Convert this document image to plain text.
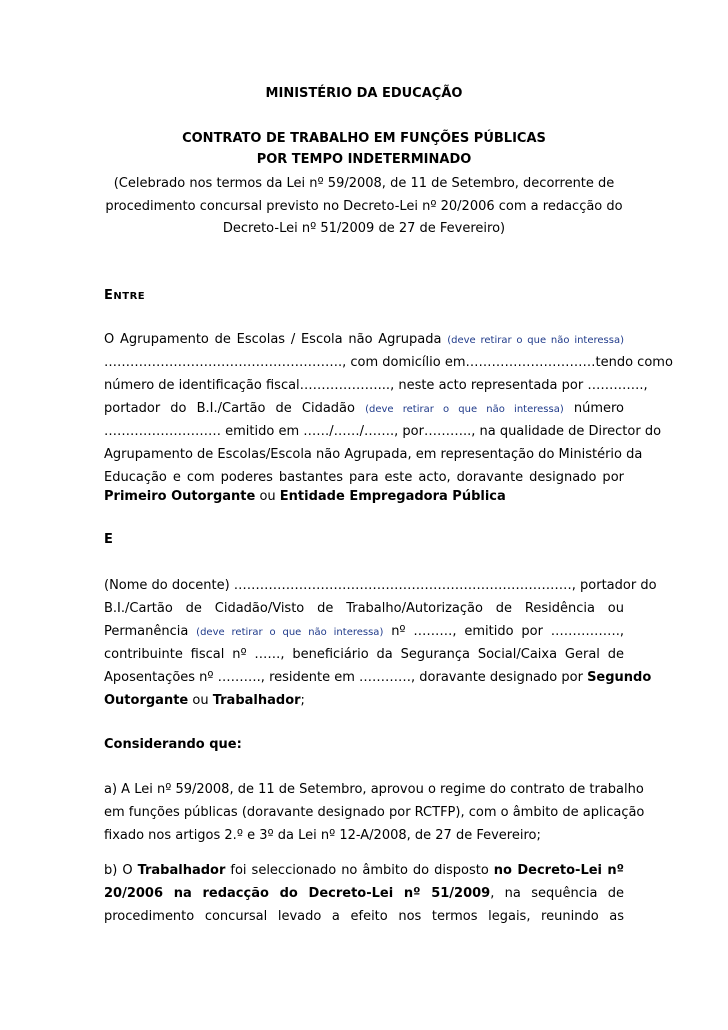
MINISTÉRIO DA EDUCAÇÃO
CONTRATO DE TRABALHO EM FUNÇÕES PÚBLICAS
POR TEMPO INDETERMINADO
(Celebrado nos termos da Lei nº 59/2008, de 11 de Setembro, decorrente de
procedimento concursal previsto no Decreto-Lei nº 20/2006 com a redacção do
Decreto-Lei nº 51/2009 de 27 de Fevereiro)
ENTRE
O Agrupamento de Escolas / Escola não Agrupada (deve retirar o que não interessa)
………………………………………………., com domicílio em…………………………tendo como
número de identificação fiscal………………..., neste acto representada por ………….,
portador do B.I./Cartão de Cidadão (deve retirar o que não interessa) número
……………………… emitido em ……/……/……., por……….., na qualidade de Director do
Agrupamento de Escolas/Escola não Agrupada, em representação do Ministério da
Educação e com poderes bastantes para este acto, doravante designado por
Primeiro Outorgante ou Entidade Empregadora Pública
E
(Nome do docente) ……………………………………………………………………, portador do
B.I./Cartão de Cidadão/Visto de Trabalho/Autorização de Residência ou
Permanência (deve retirar o que não interessa) nº ………, emitido por …………….,
contribuinte fiscal nº ……, beneficiário da Segurança Social/Caixa Geral de
Aposentações nº ………., residente em …………, doravante designado por Segundo
Outorgante ou Trabalhador;
Considerando que:
a) A Lei nº 59/2008, de 11 de Setembro, aprovou o regime do contrato de trabalho
em funções públicas (doravante designado por RCTFP), com o âmbito de aplicação
fixado nos artigos 2.º e 3º da Lei nº 12-A/2008, de 27 de Fevereiro;
b) O Trabalhador foi seleccionado no âmbito do disposto no Decreto-Lei nº
20/2006 na redacção do Decreto-Lei nº 51/2009, na sequência de
procedimento concursal levado a efeito nos termos legais, reunindo as
